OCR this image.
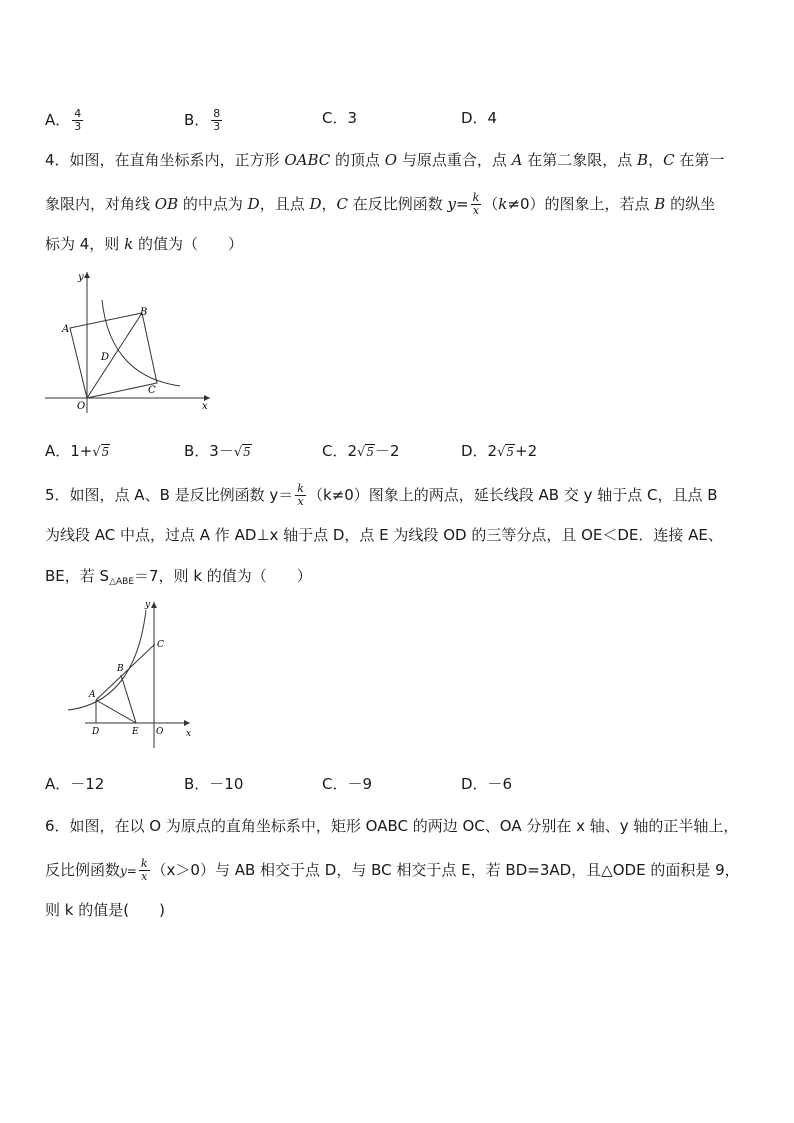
A． $\frac{4}{3}$	B． $\frac{8}{3}$	C．3	D．4
4．如图，在直角坐标系内，正方形 OABC 的顶点 O 与原点重合，点 A 在第二象限，点 B，C 在第一
象限内，对角线 OB 的中点为 D，且点 D，C 在反比例函数 $y= \frac{k}{x} (k\ne 0)$的图象上，若点 B 的纵坐
标为 4，则 k 的值为（　　）
y
x
A
B
C
D
O
A．1+√5	B．3－√5	C．2√5－2	D．2√5+2
5．如图，点 A、B 是反比例函数 $y= \frac{k}{x} (k\ne 0)$图象上的两点，延长线段 AB 交 y 轴于点 C，且点 B
为线段 AC 中点，过点 A 作 AD⊥x 轴于点 D，点 E 为线段 OD 的三等分点，且 OE＜DE．连接 AE、
BE，若 $S_{\triangle ABE}=7$，则 k 的值为（　　）
y
x
A
B
C
D	E O
A．－12	B．－10	C．－9	D．－6
6．如图，在以 O 为原点的直角坐标系中，矩形 OABC 的两边 OC、OA 分别在 x 轴、y 轴的正半轴上，
反比例函数$y= \frac{k}{x} (x>0)$与 AB 相交于点 D，与 BC 相交于点 E，若 BD=3AD，且△ODE 的面积是 9，
则 k 的值是(　　)
